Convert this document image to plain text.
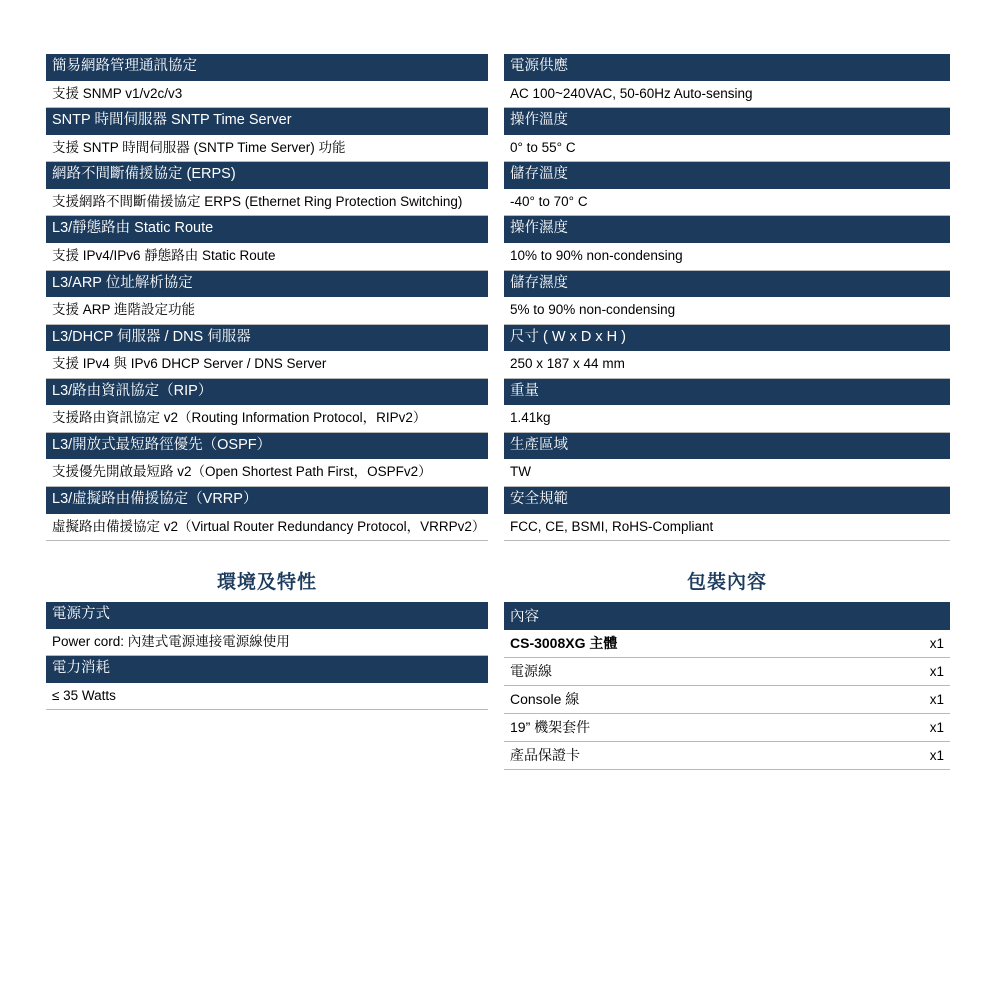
簡易網路管理通訊協定
支援 SNMP v1/v2c/v3
SNTP 時間伺服器 SNTP Time Server
支援 SNTP 時間伺服器 (SNTP Time Server) 功能
網路不間斷備援協定 (ERPS)
支援網路不間斷備援協定 ERPS (Ethernet Ring Protection Switching)
L3/靜態路由 Static Route
支援 IPv4/IPv6 靜態路由 Static Route
L3/ARP 位址解析協定
支援 ARP 進階設定功能
L3/DHCP 伺服器 / DNS 伺服器
支援 IPv4 與 IPv6 DHCP Server / DNS Server
L3/路由資訊協定（RIP）
支援路由資訊協定 v2（Routing Information Protocol，RIPv2）
L3/開放式最短路徑優先（OSPF）
支援優先開啟最短路 v2（Open Shortest Path First，OSPFv2）
L3/虛擬路由備援協定（VRRP）
虛擬路由備援協定 v2（Virtual Router Redundancy Protocol，VRRPv2）
環境及特性
電源方式
Power cord: 內建式電源連接電源線使用
電力消耗
≤ 35 Watts
電源供應
AC 100~240VAC, 50-60Hz Auto-sensing
操作溫度
0° to 55° C
儲存溫度
-40° to 70° C
操作濕度
10% to 90% non-condensing
儲存濕度
5% to 90% non-condensing
尺寸 ( W x D x H )
250 x 187 x 44 mm
重量
1.41kg
生產區域
TW
安全規範
FCC, CE, BSMI, RoHS-Compliant
包裝內容
內容	
CS-3008XG 主體	x1
電源線	x1
Console 線	x1
19” 機架套件	x1
產品保證卡	x1
